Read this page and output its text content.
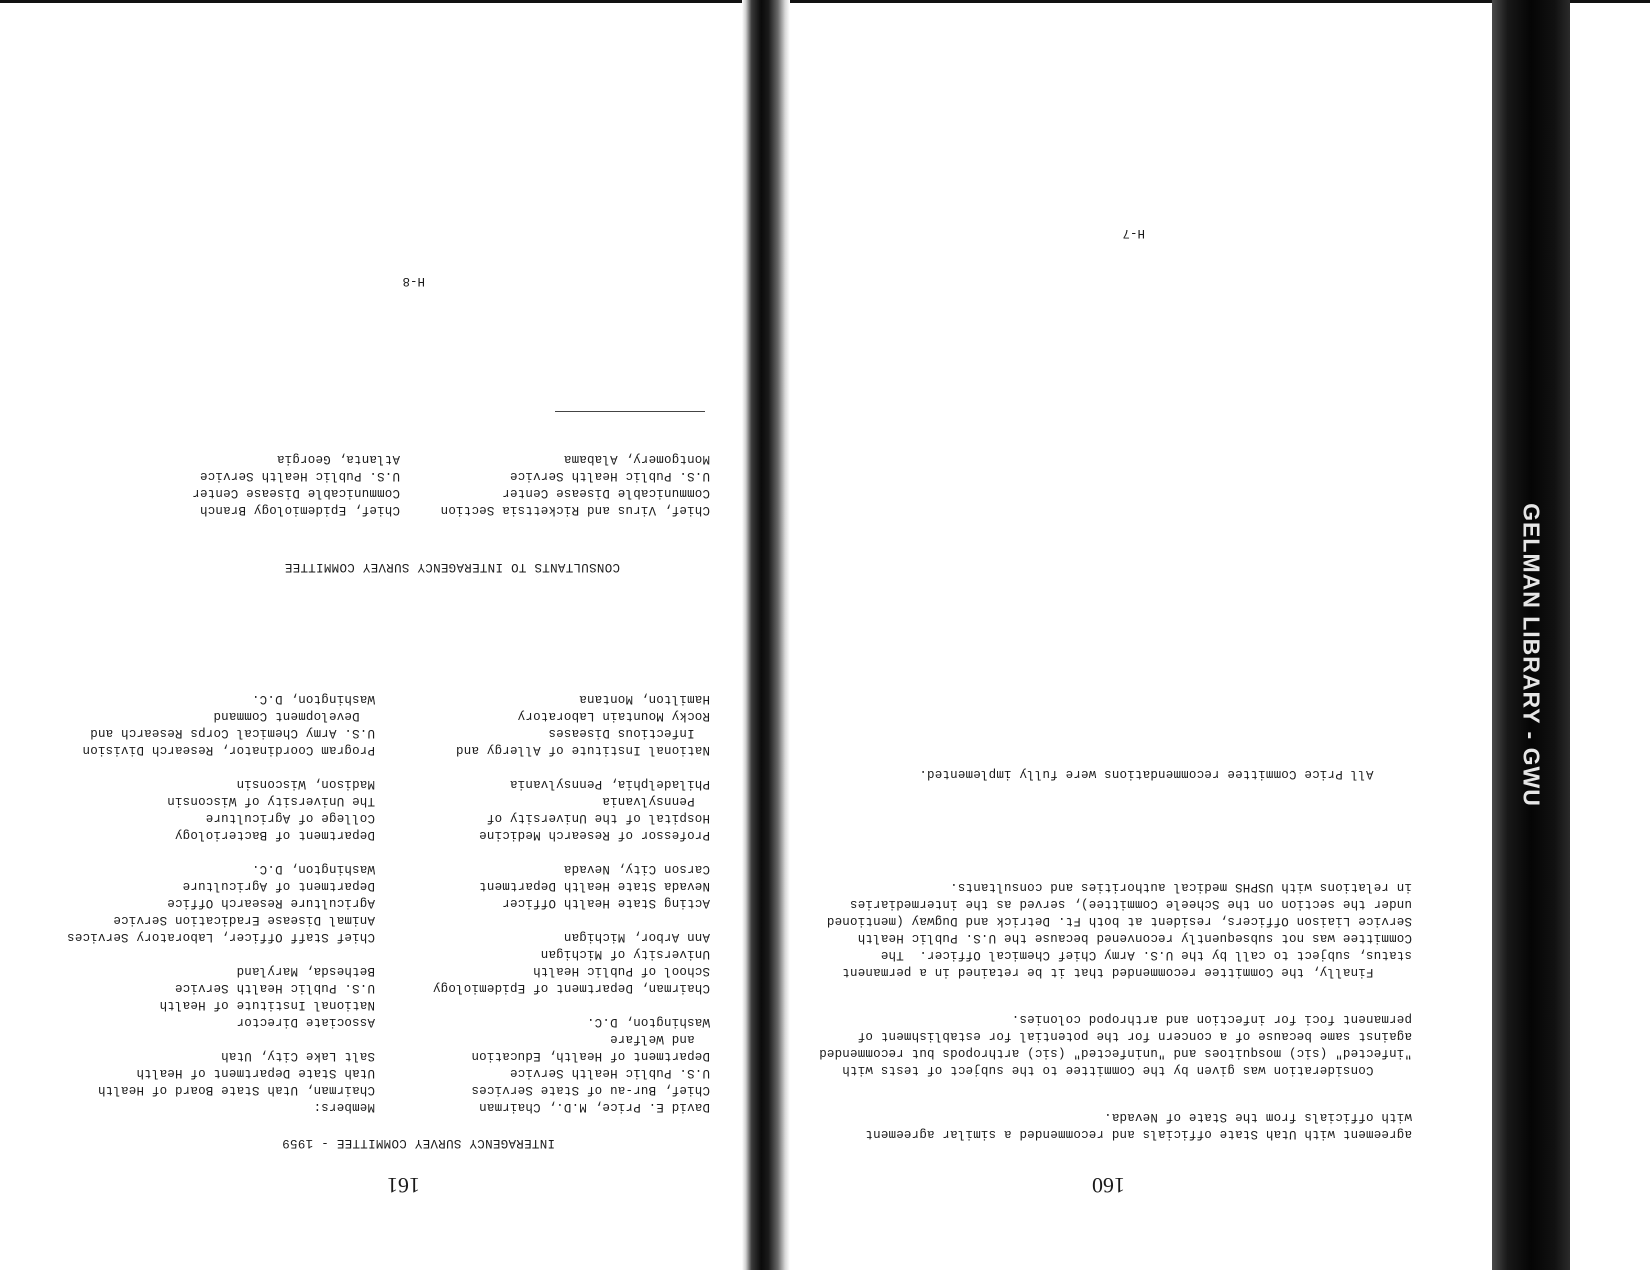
GELMAN LIBRARY - GWU
160
agreement with Utah State officials and recommended a similar agreement
with officials from the State of Nevada.
Consideration was given by the Committee to the subject of tests with
"infected" (sic) mosquitoes and "uninfected" (sic) arthropods but recommended
against same because of a concern for the potential for establishment of
permanent foci for infection and arthropod colonies.
Finally, the Committee recommended that it be retained in a permanent
status, subject to call by the U.S. Army Chief Chemical Officer.  The
Committee was not subsequently reconvened because the U.S. Public Health
Service Liaison Officers, resident at both Ft. Detrick and Dugway (mentioned
under the section on the Scheele Committee), served as the intermediaries
in relations with USPHS medical authorities and consultants.
All Price Committee recommendations were fully implemented.
H-7
161
INTERAGENCY SURVEY COMMITTEE - 1959
David E. Price, M.D., Chairman
Chief, Bur-au of State Services
U.S. Public Health Service
Department of Health, Education
and Welfare
Washington, D.C.
Chairman, Department of Epidemiology
School of Public Health
University of Michigan
Ann Arbor, Michigan
Acting State Health Officer
Nevada State Health Department
Carson City, Nevada
Professor of Research Medicine
Hospital of the University of
Pennsylvania
Philadelphia, Pennsylvania
National Institute of Allergy and
Infectious Diseases
Rocky Mountain Laboratory
Hamilton, Montana
Members:
Chairman, Utah State Board of Health
Utah State Department of Health
Salt Lake City, Utah
Associate Director
National Institute of Health
U.S. Public Health Service
Bethesda, Maryland
Chief Staff Officer, Laboratory Services
Animal Disease Eradication Service
Agriculture Research Office
Department of Agriculture
Washington, D.C.
Department of Bacteriology
College of Agriculture
The University of Wisconsin
Madison, Wisconsin
Program Coordinator, Research Division
U.S. Army Chemical Corps Research and
Development Command
Washington, D.C.
CONSULTANTS TO INTERAGENCY SURVEY COMMITTEE
Chief, Virus and Rickettsia Section
Communicable Disease Center
U.S. Public Health Service
Montgomery, Alabama
Chief, Epidemiology Branch
Communicable Disease Center
U.S. Public Health Service
Atlanta, Georgia
H-8
